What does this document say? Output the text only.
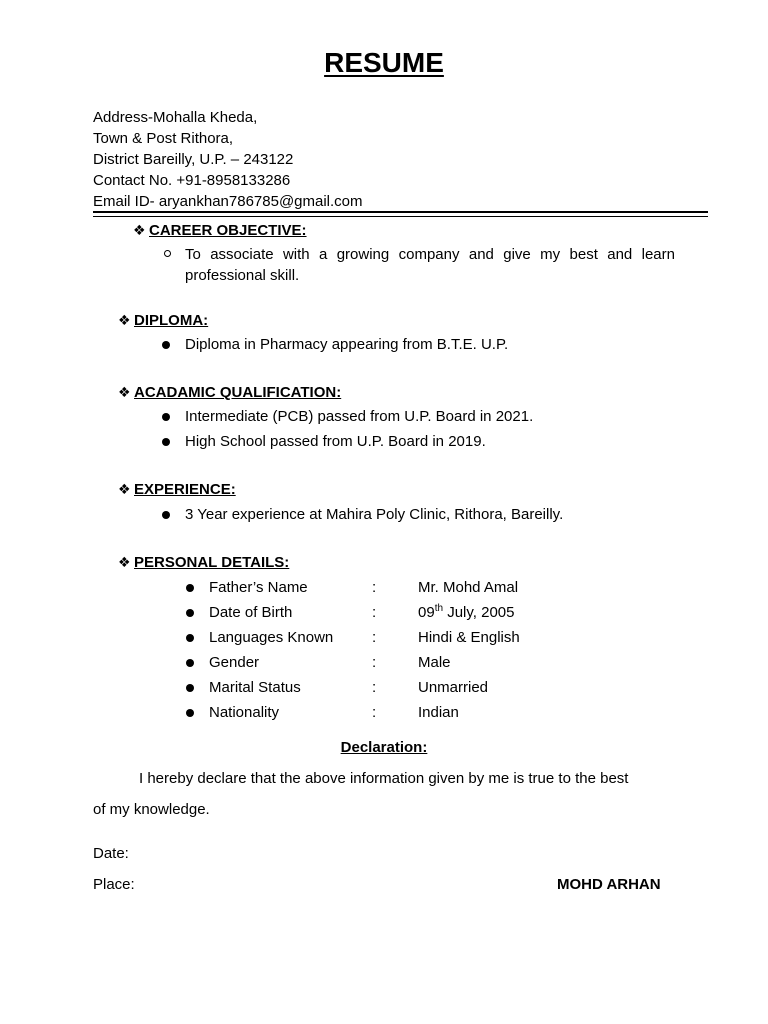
RESUME
Address-Mohalla Kheda,
Town & Post Rithora,
District Bareilly, U.P. – 243122
Contact No. +91-8958133286
Email ID- aryankhan786785@gmail.com
❖ CAREER OBJECTIVE:
To associate with a growing company and give my best and learn professional skill.
❖ DIPLOMA:
Diploma in Pharmacy appearing from B.T.E. U.P.
❖ ACADAMIC QUALIFICATION:
Intermediate (PCB) passed from U.P. Board in 2021.
High School passed from U.P. Board in 2019.
❖ EXPERIENCE:
3 Year experience at Mahira Poly Clinic, Rithora, Bareilly.
❖ PERSONAL DETAILS:
Father’s Name	:	Mr. Mohd Amal
Date of Birth	:	09th July, 2005
Languages Known	:	Hindi & English
Gender	:	Male
Marital Status	:	Unmarried
Nationality	:	Indian
Declaration:
I hereby declare that the above information given by me is true to the best
of my knowledge.
Date:
Place:	MOHD ARHAN
